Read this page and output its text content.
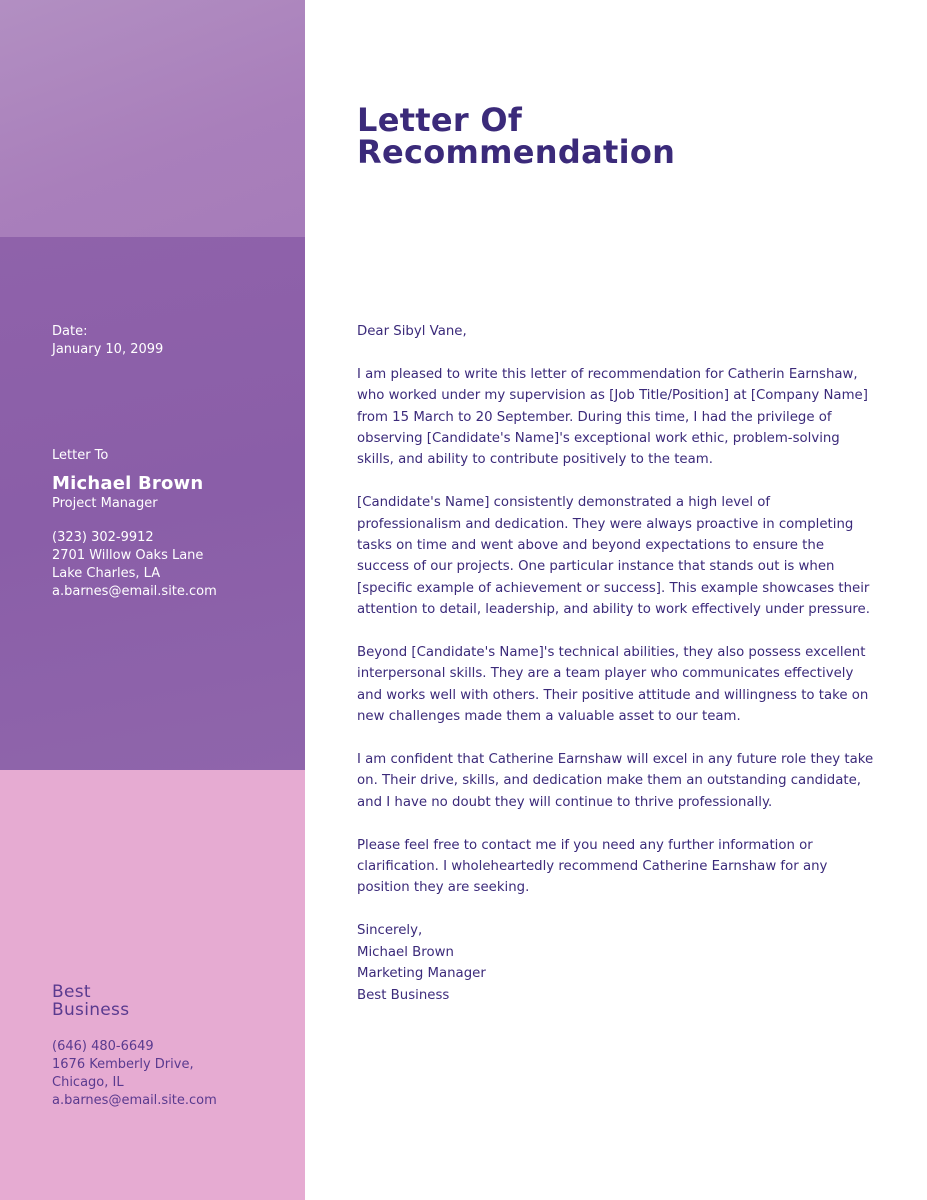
Date:
January 10, 2099
Letter To
Michael Brown
Project Manager
(323) 302-9912
2701 Willow Oaks Lane
Lake Charles, LA
a.barnes@email.site.com
Best
Business
(646) 480-6649
1676 Kemberly Drive,
Chicago, IL
a.barnes@email.site.com
Letter Of
Recommendation

Dear Sibyl Vane,

I am pleased to write this letter of recommendation for Catherin Earnshaw, who worked under my supervision as [Job Title/Position] at [Company Name] from 15 March to 20 September. During this time, I had the privilege of observing [Candidate's Name]'s exceptional work ethic, problem-solving skills, and ability to contribute positively to the team.

[Candidate's Name] consistently demonstrated a high level of professionalism and dedication. They were always proactive in completing tasks on time and went above and beyond expectations to ensure the success of our projects. One particular instance that stands out is when [specific example of achievement or success]. This example showcases their attention to detail, leadership, and ability to work effectively under pressure.

Beyond [Candidate's Name]'s technical abilities, they also possess excellent interpersonal skills. They are a team player who communicates effectively and works well with others. Their positive attitude and willingness to take on new challenges made them a valuable asset to our team.

I am confident that Catherine Earnshaw will excel in any future role they take on. Their drive, skills, and dedication make them an outstanding candidate, and I have no doubt they will continue to thrive professionally.

Please feel free to contact me if you need any further information or clarification. I wholeheartedly recommend Catherine Earnshaw for any position they are seeking.

Sincerely,
Michael Brown
Marketing Manager
Best Business
